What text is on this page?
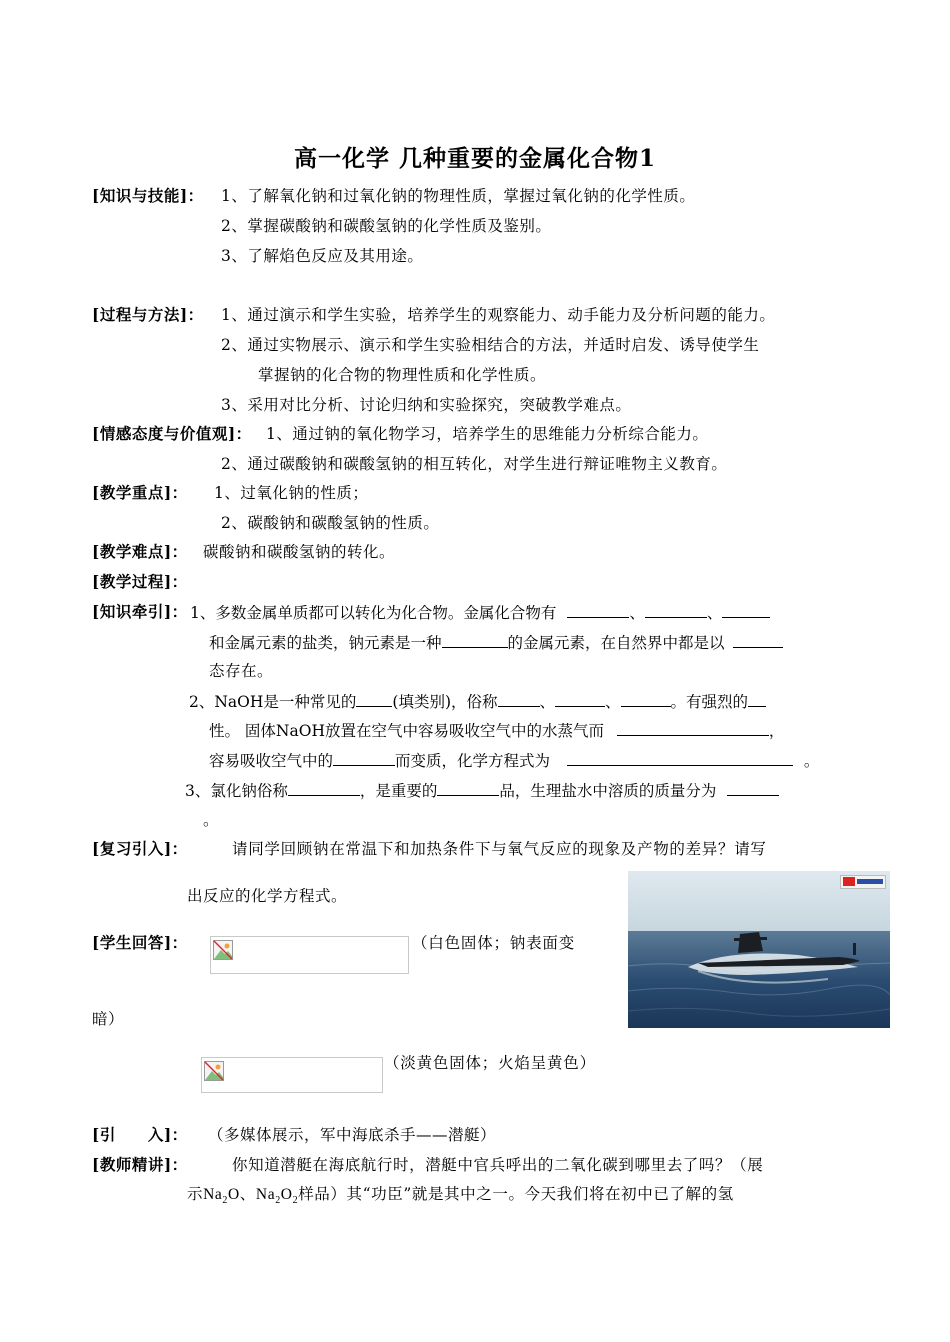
高一化学 几种重要的金属化合物1
[知识与技能]： 1、了解氧化钠和过氧化钠的物理性质，掌握过氧化钠的化学性质。
2、掌握碳酸钠和碳酸氢钠的化学性质及鉴别。
3、了解焰色反应及其用途。
[过程与方法]： 1、通过演示和学生实验，培养学生的观察能力、动手能力及分析问题的能力。
2、通过实物展示、演示和学生实验相结合的方法，并适时启发、诱导使学生
掌握钠的化合物的物理性质和化学性质。
3、采用对比分析、讨论归纳和实验探究，突破教学难点。
[情感态度与价值观]： 1、通过钠的氧化物学习，培养学生的思维能力分析综合能力。
2、通过碳酸钠和碳酸氢钠的相互转化，对学生进行辩证唯物主义教育。
[教学重点]： 1、过氧化钠的性质；
2、碳酸钠和碳酸氢钠的性质。
[教学难点]： 碳酸钠和碳酸氢钠的转化。
[教学过程]：
[知识牵引]： 1、多数金属单质都可以转化为化合物。金属化合物有	、	、
和金属元素的盐类，钠元素是一种	的金属元素，在自然界中都是以
态存在。
2、NaOH是一种常见的 (填类别)，俗称	、	、	。有强烈的
性。 固体NaOH放置在空气中容易吸收空气中的水蒸气而	，
容易吸收空气中的	而变质，化学方程式为	。
3、氯化钠俗称	，是重要的	品，生理盐水中溶质的质量分为
。
[复习引入]：	请同学回顾钠在常温下和加热条件下与氧气反应的现象及产物的差异？请写
出反应的化学方程式。
[学生回答]：	（白色固体；钠表面变
暗）
（淡黄色固体；火焰呈黄色）
[引　　入]： （多媒体展示，军中海底杀手——潜艇）
[教师精讲]：	你知道潜艇在海底航行时，潜艇中官兵呼出的二氧化碳到哪里去了吗？（展
示$Na_2O$、$Na_2O_2$样品）其“功臣”就是其中之一。今天我们将在初中已了解的氢
